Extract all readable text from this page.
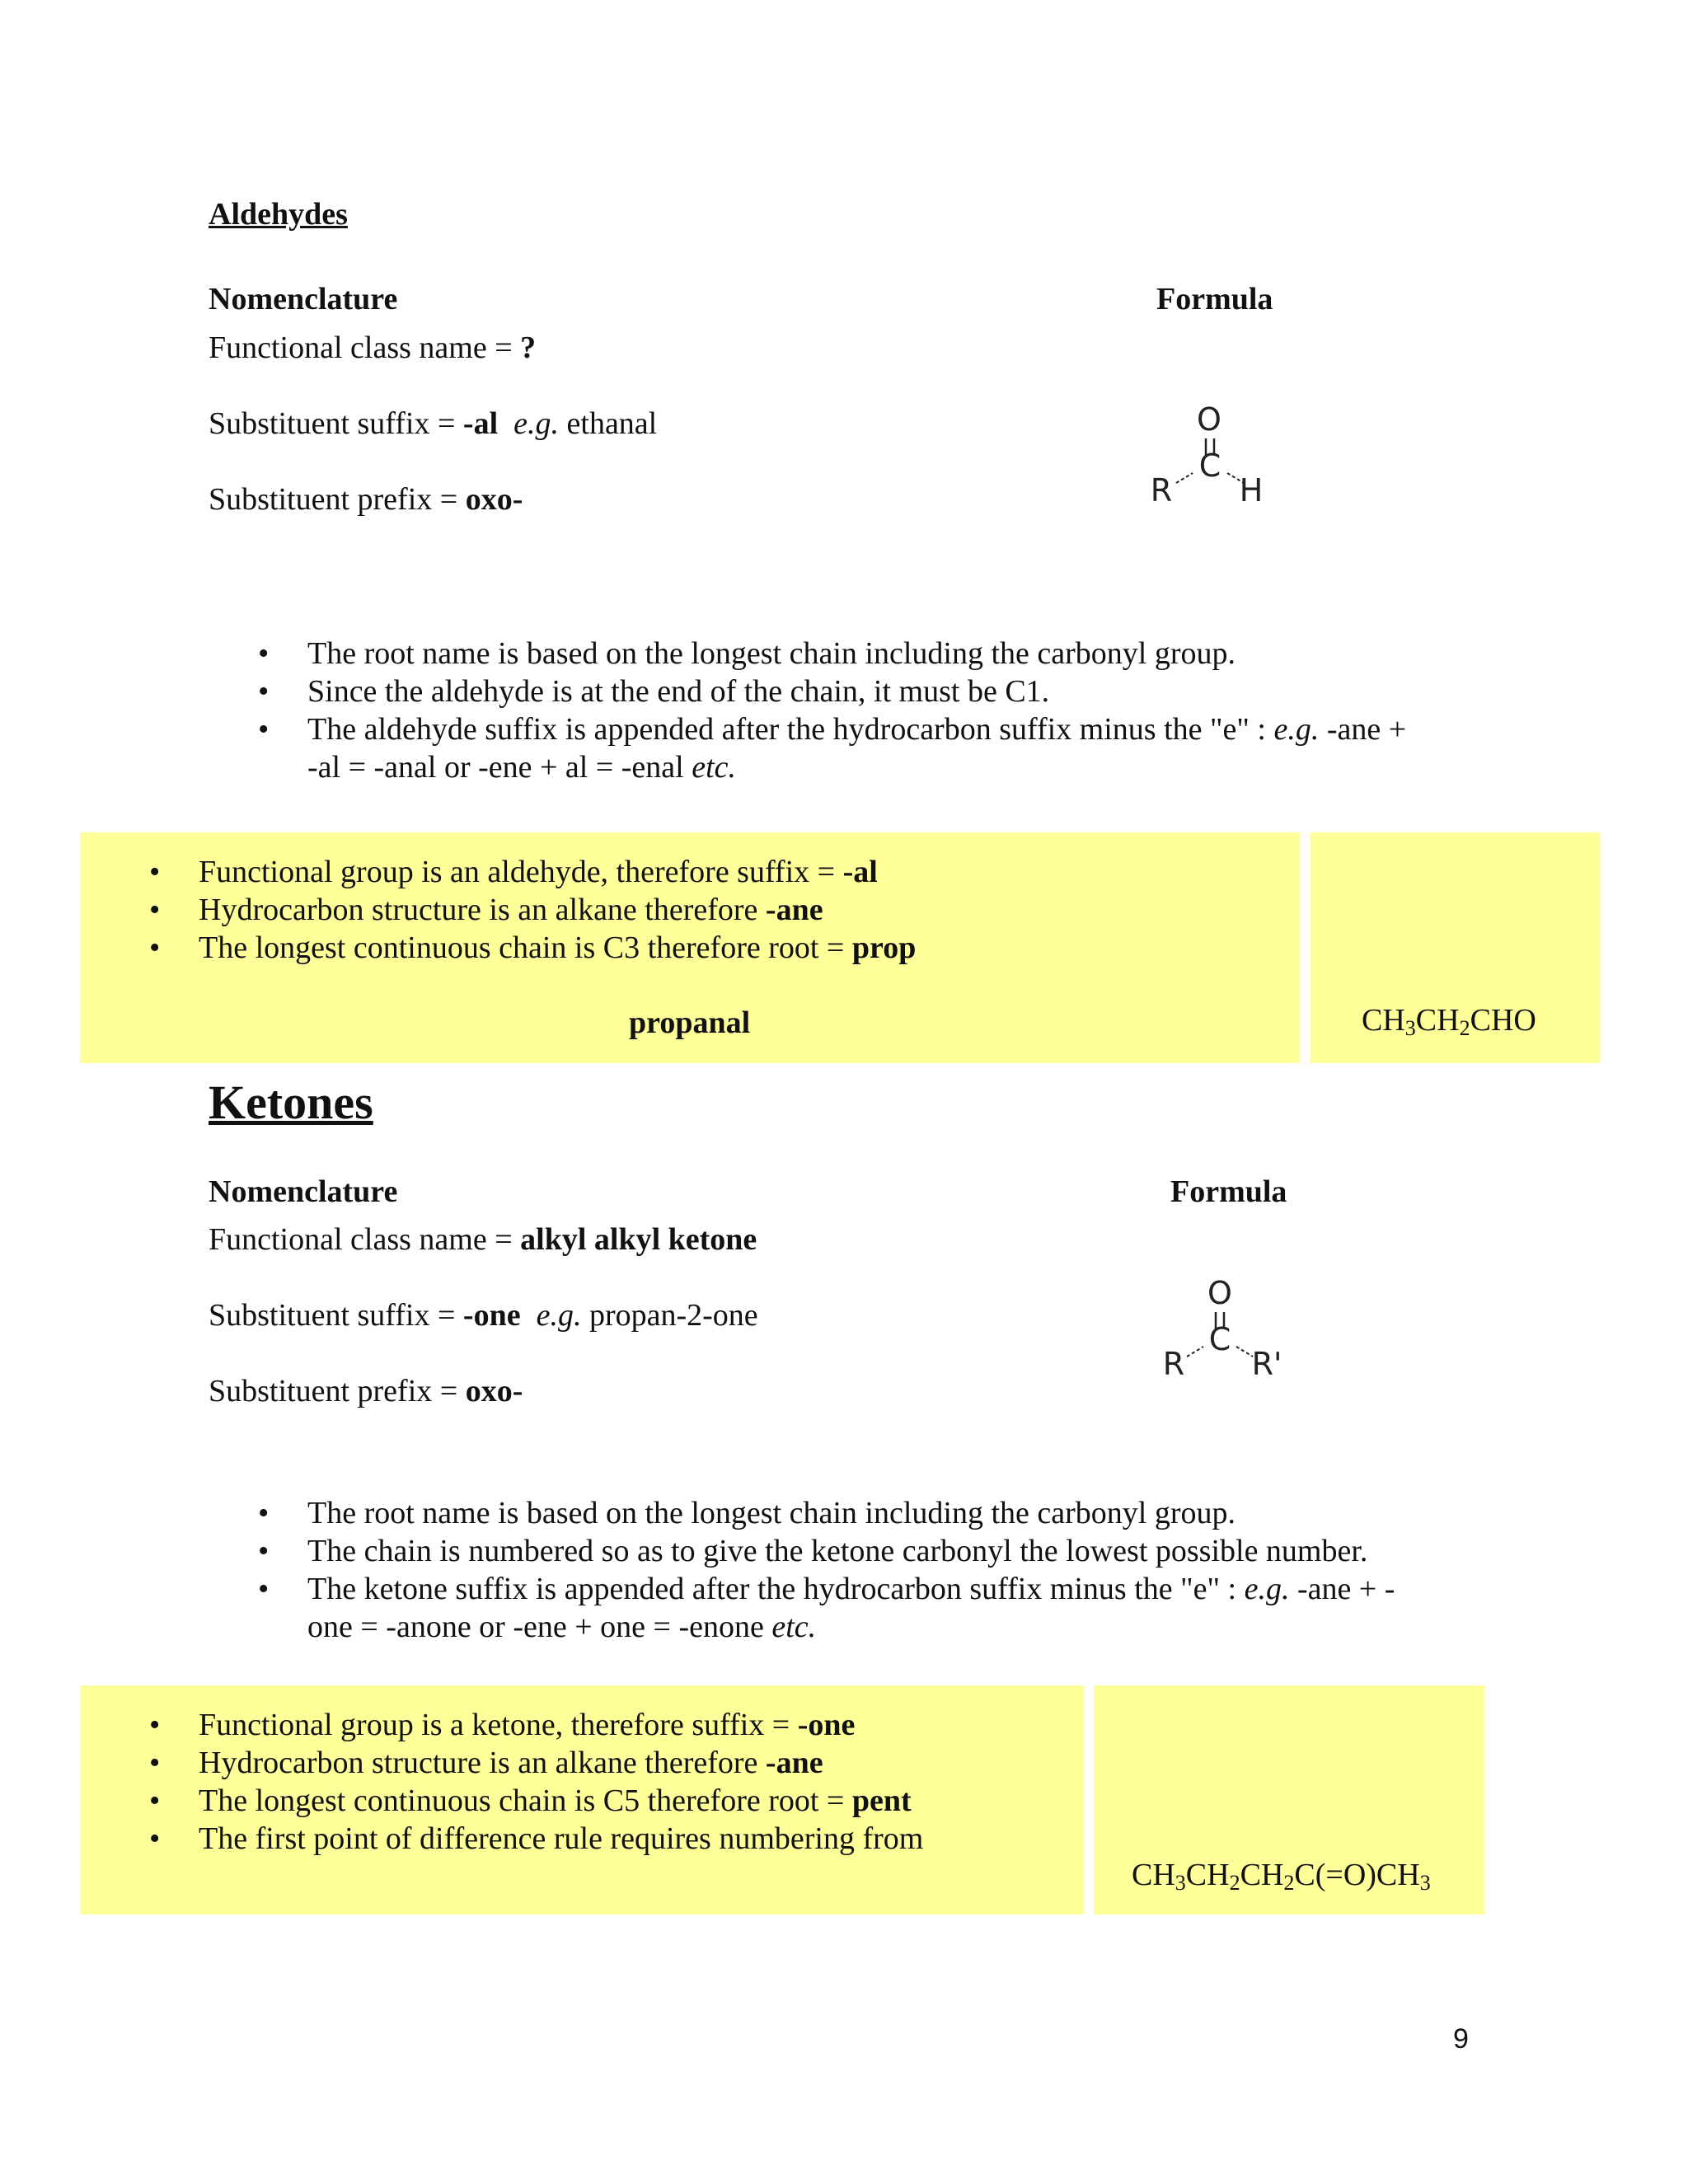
Aldehydes
Nomenclature	Formula
Functional class name = ?
Substituent suffix = -al e.g. ethanal
Substituent prefix = oxo-
O
C
R H
• The root name is based on the longest chain including the carbonyl group.
• Since the aldehyde is at the end of the chain, it must be C1.
• The aldehyde suffix is appended after the hydrocarbon suffix minus the "e" : e.g. -ane +
-al = -anal or -ene + al = -enal etc.
• Functional group is an aldehyde, therefore suffix = -al
• Hydrocarbon structure is an alkane therefore -ane
• The longest continuous chain is C3 therefore root = prop
propanal	$CH_3CH_2CHO$
Ketones
Nomenclature	Formula
Functional class name = alkyl alkyl ketone
Substituent suffix = -one e.g. propan-2-one
Substituent prefix = oxo-
O
C
R R'
• The root name is based on the longest chain including the carbonyl group.
• The chain is numbered so as to give the ketone carbonyl the lowest possible number.
• The ketone suffix is appended after the hydrocarbon suffix minus the "e" : e.g. -ane + -
one = -anone or -ene + one = -enone etc.
• Functional group is a ketone, therefore suffix = -one
• Hydrocarbon structure is an alkane therefore -ane
• The longest continuous chain is C5 therefore root = pent
• The first point of difference rule requires numbering from
$CH_3CH_2CH_2C(=O)CH_3$
9
